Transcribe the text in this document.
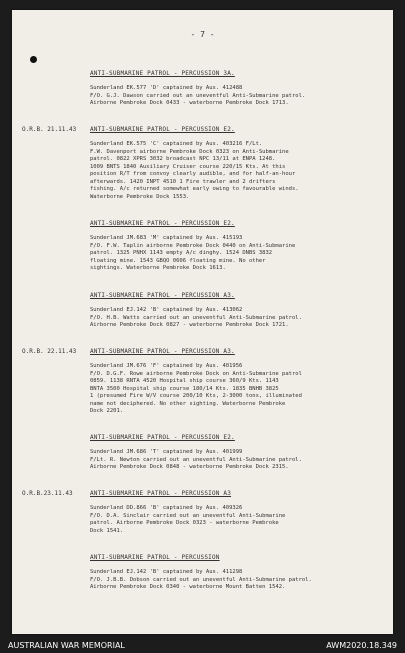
- 7 -
ANTI-SUBMARINE PATROL - PERCUSSION 3A.

Sunderland EK.577 'D' captained by Aus. 412488
F/O. G.J. Dawson carried out an uneventful Anti-Submarine patrol.
Airborne Pembroke Dock 0433 - waterborne Pembroke Dock 1713.

O.R.B. 21.11.43 ANTI-SUBMARINE PATROL - PERCUSSION E2.

Sunderland EK.575 'C' captained by Aus. 403216 F/Lt.
F.W. Davenport airborne Pembroke Dock 0323 on Anti-Submarine
patrol. 0822 XPRS 3032 broadcast NPC 13/11 at ENPA 1248.
1009 BNTS 1840 Auxiliary Cruiser course 220/15 Kts. At this
position R/T from convoy clearly audible, and for half-an-hour
afterwards. 1420 INPT 4510 1 Fire trawler and 2 drifters
fishing. A/c returned somewhat early owing to favourable winds.
Waterborne Pembroke Dock 1553.

ANTI-SUBMARINE PATROL - PERCUSSION E2.

Sunderland JM.683 'M' captained by Aus. 415193
F/O. F.W. Taplin airborne Pembroke Dock 0440 on Anti-Submarine
patrol. 1325 PNHX 1143 empty A/c dinghy. 1524 DNBS 3832
floating mine. 1543 GBQO 0606 floating mine. No other
sightings. Waterborne Pembroke Dock 1613.

ANTI-SUBMARINE PATROL - PERCUSSION A3.

Sunderland EJ.142 'B' captained by Aus. 413062
F/O. H.B. Watts carried out an uneventful Anti-Submarine patrol.
Airborne Pembroke Dock 0827 - waterborne Pembroke Dock 1721.

O.R.B. 22.11.43 ANTI-SUBMARINE PATROL - PERCUSSION A3.

Sunderland JM.676 'F' captained by Aus. 401956
F/O. D.G.F. Rowe airborne Pembroke Dock on Anti-Submarine patrol
0859. 1138 RNTA 4520 Hospital ship course 360/9 Kts. 1143
BNTA 3500 Hospital ship course 180/14 Kts. 1835 BNHB 3825
1 (presumed Fire W/V course 200/10 Kts, 2-3000 tons, illuminated
name not deciphered. No other sighting. Waterborne Pembroke
Dock 2201.

ANTI-SUBMARINE PATROL - PERCUSSION E2.

Sunderland JM.686 'T' captained by Aus. 401999
F/Lt. R. Newton carried out an uneventful Anti-Submarine patrol.
Airborne Pembroke Dock 0848 - waterborne Pembroke Dock 2315.

O.R.B.23.11.43	ANTI-SUBMARINE PATROL - PERCUSSION A3

Sunderland DD.866 'B' captained by Aus. 409326
F/O. D.A. Sinclair carried out an uneventful Anti-Submarine
patrol. Airborne Pembroke Dock 0323 - waterborne Pembroke
Dock 1541.

ANTI-SUBMARINE PATROL - PERCUSSION

Sunderland EJ.142 'B' captained by Aus. 411298
F/O. J.B.B. Dobson carried out an uneventful Anti-Submarine patrol.
Airborne Pembroke Dock 0340 - waterborne Mount Batten 1542.

AUSTRALIAN WAR MEMORIAL	AWM2020.18.349
